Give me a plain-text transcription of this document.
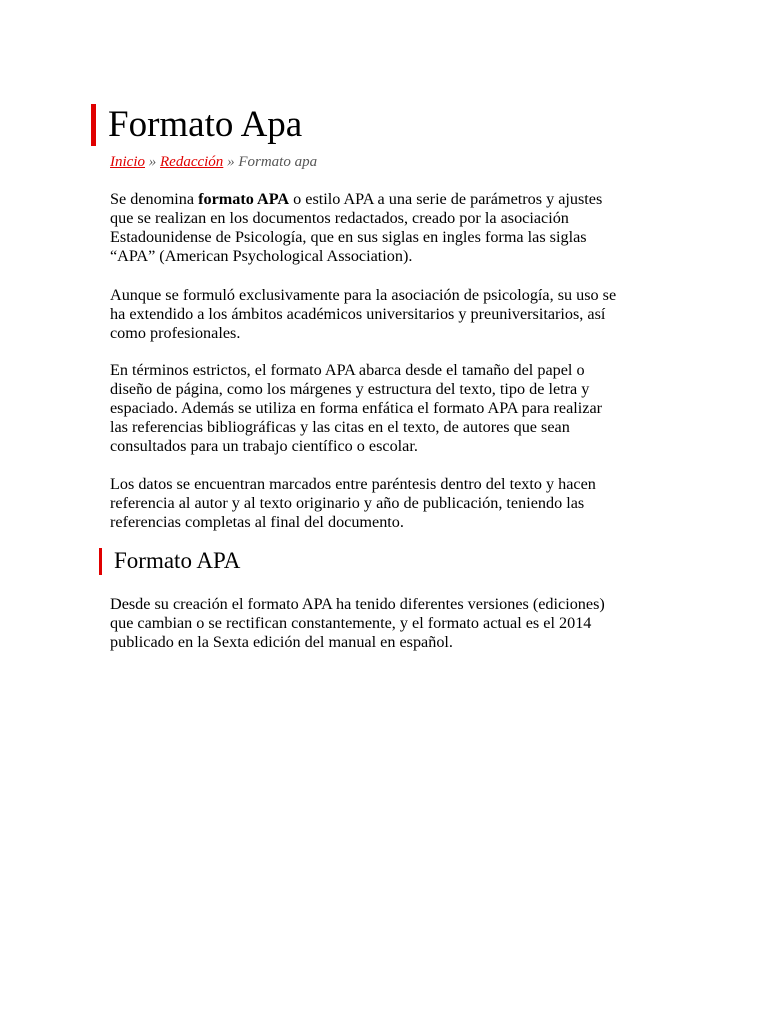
Formato Apa
Inicio » Redacción » Formato apa

Se denomina formato APA o estilo APA a una serie de parámetros y ajustes
que se realizan en los documentos redactados, creado por la asociación
Estadounidense de Psicología, que en sus siglas en ingles forma las siglas
“APA” (American Psychological Association).

Aunque se formuló exclusivamente para la asociación de psicología, su uso se
ha extendido a los ámbitos académicos universitarios y preuniversitarios, así
como profesionales.

En términos estrictos, el formato APA abarca desde el tamaño del papel o
diseño de página, como los márgenes y estructura del texto, tipo de letra y
espaciado. Además se utiliza en forma enfática el formato APA para realizar
las referencias bibliográficas y las citas en el texto, de autores que sean
consultados para un trabajo científico o escolar.

Los datos se encuentran marcados entre paréntesis dentro del texto y hacen
referencia al autor y al texto originario y año de publicación, teniendo las
referencias completas al final del documento.

Formato APA

Desde su creación el formato APA ha tenido diferentes versiones (ediciones)
que cambian o se rectifican constantemente, y el formato actual es el 2014
publicado en la Sexta edición del manual en español.
